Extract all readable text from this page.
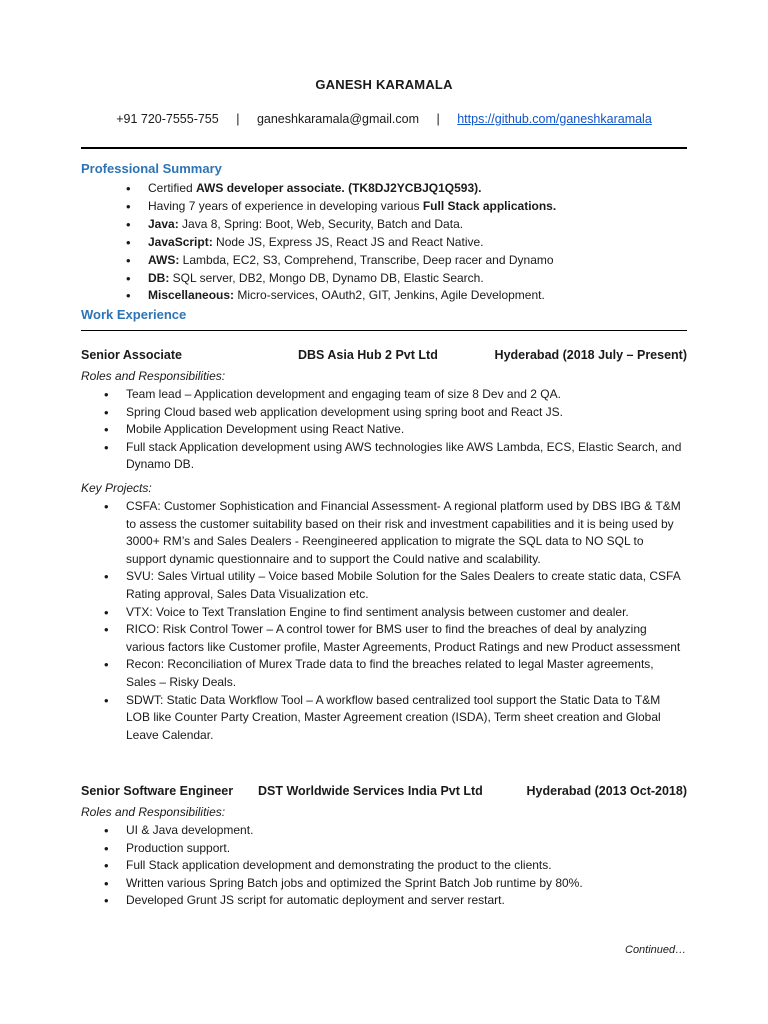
GANESH KARAMALA
+91 720-7555-755 | ganeshkaramala@gmail.com | https://github.com/ganeshkaramala
Professional Summary
• Certified AWS developer associate. (TK8DJ2YCBJQ1Q593).
• Having 7 years of experience in developing various Full Stack applications.
• Java: Java 8, Spring: Boot, Web, Security, Batch and Data.
• JavaScript: Node JS, Express JS, React JS and React Native.
• AWS: Lambda, EC2, S3, Comprehend, Transcribe, Deep racer and Dynamo
• DB: SQL server, DB2, Mongo DB, Dynamo DB, Elastic Search.
• Miscellaneous: Micro-services, OAuth2, GIT, Jenkins, Agile Development.
Work Experience
Senior Associate	DBS Asia Hub 2 Pvt Ltd	Hyderabad (2018 July – Present)
Roles and Responsibilities:
• Team lead – Application development and engaging team of size 8 Dev and 2 QA.
• Spring Cloud based web application development using spring boot and React JS.
• Mobile Application Development using React Native.
• Full stack Application development using AWS technologies like AWS Lambda, ECS, Elastic Search, and Dynamo DB.
Key Projects:
• CSFA: Customer Sophistication and Financial Assessment- A regional platform used by DBS IBG & T&M to assess the customer suitability based on their risk and investment capabilities and it is being used by 3000+ RM’s and Sales Dealers - Reengineered application to migrate the SQL data to NO SQL to support dynamic questionnaire and to support the Could native and scalability.
• SVU: Sales Virtual utility – Voice based Mobile Solution for the Sales Dealers to create static data, CSFA Rating approval, Sales Data Visualization etc.
• VTX: Voice to Text Translation Engine to find sentiment analysis between customer and dealer.
• RICO: Risk Control Tower – A control tower for BMS user to find the breaches of deal by analyzing various factors like Customer profile, Master Agreements, Product Ratings and new Product assessment
• Recon: Reconciliation of Murex Trade data to find the breaches related to legal Master agreements, Sales – Risky Deals.
• SDWT: Static Data Workflow Tool – A workflow based centralized tool support the Static Data to T&M LOB like Counter Party Creation, Master Agreement creation (ISDA), Term sheet creation and Global Leave Calendar.
Senior Software Engineer DST Worldwide Services India Pvt Ltd	Hyderabad (2013 Oct-2018)
Roles and Responsibilities:
• UI & Java development.
• Production support.
• Full Stack application development and demonstrating the product to the clients.
• Written various Spring Batch jobs and optimized the Sprint Batch Job runtime by 80%.
• Developed Grunt JS script for automatic deployment and server restart.
Continued…
